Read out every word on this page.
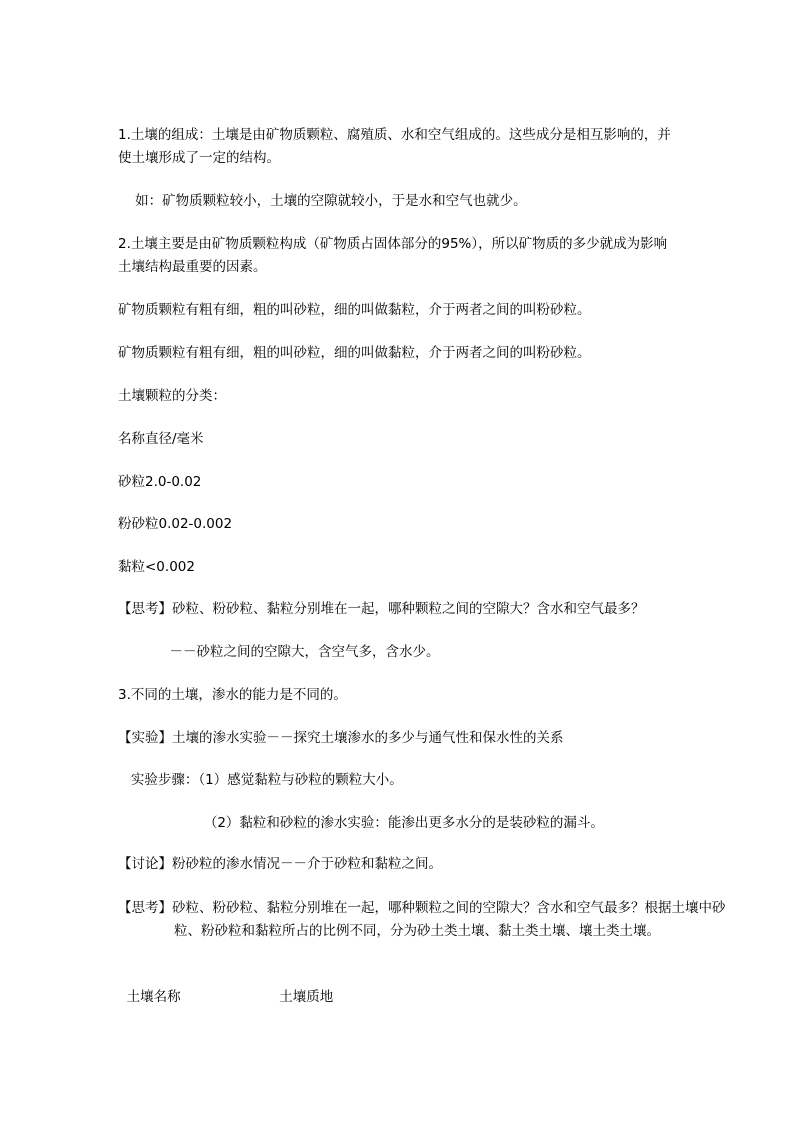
1.土壤的组成：土壤是由矿物质颗粒、腐殖质、水和空气组成的。这些成分是相互影响的，并使土壤形成了一定的结构。

如：矿物质颗粒较小，土壤的空隙就较小，于是水和空气也就少。

2.土壤主要是由矿物质颗粒构成（矿物质占固体部分的95%），所以矿物质的多少就成为影响土壤结构最重要的因素。

矿物质颗粒有粗有细，粗的叫砂粒，细的叫做黏粒，介于两者之间的叫粉砂粒。

矿物质颗粒有粗有细，粗的叫砂粒，细的叫做黏粒，介于两者之间的叫粉砂粒。

土壤颗粒的分类：

名称直径/毫米

砂粒2.0-0.02

粉砂粒0.02-0.002

黏粒<0.002

【思考】砂粒、粉砂粒、黏粒分别堆在一起，哪种颗粒之间的空隙大？含水和空气最多？

－－砂粒之间的空隙大，含空气多，含水少。

3.不同的土壤，渗水的能力是不同的。

【实验】土壤的渗水实验－－探究土壤渗水的多少与通气性和保水性的关系

实验步骤：（1）感觉黏粒与砂粒的颗粒大小。

（2）黏粒和砂粒的渗水实验：能渗出更多水分的是装砂粒的漏斗。

【讨论】粉砂粒的渗水情况－－介于砂粒和黏粒之间。

【思考】砂粒、粉砂粒、黏粒分别堆在一起，哪种颗粒之间的空隙大？含水和空气最多？根据土壤中砂粒、粉砂粒和黏粒所占的比例不同，分为砂土类土壤、黏土类土壤、壤土类土壤。

土壤名称                       土壤质地
